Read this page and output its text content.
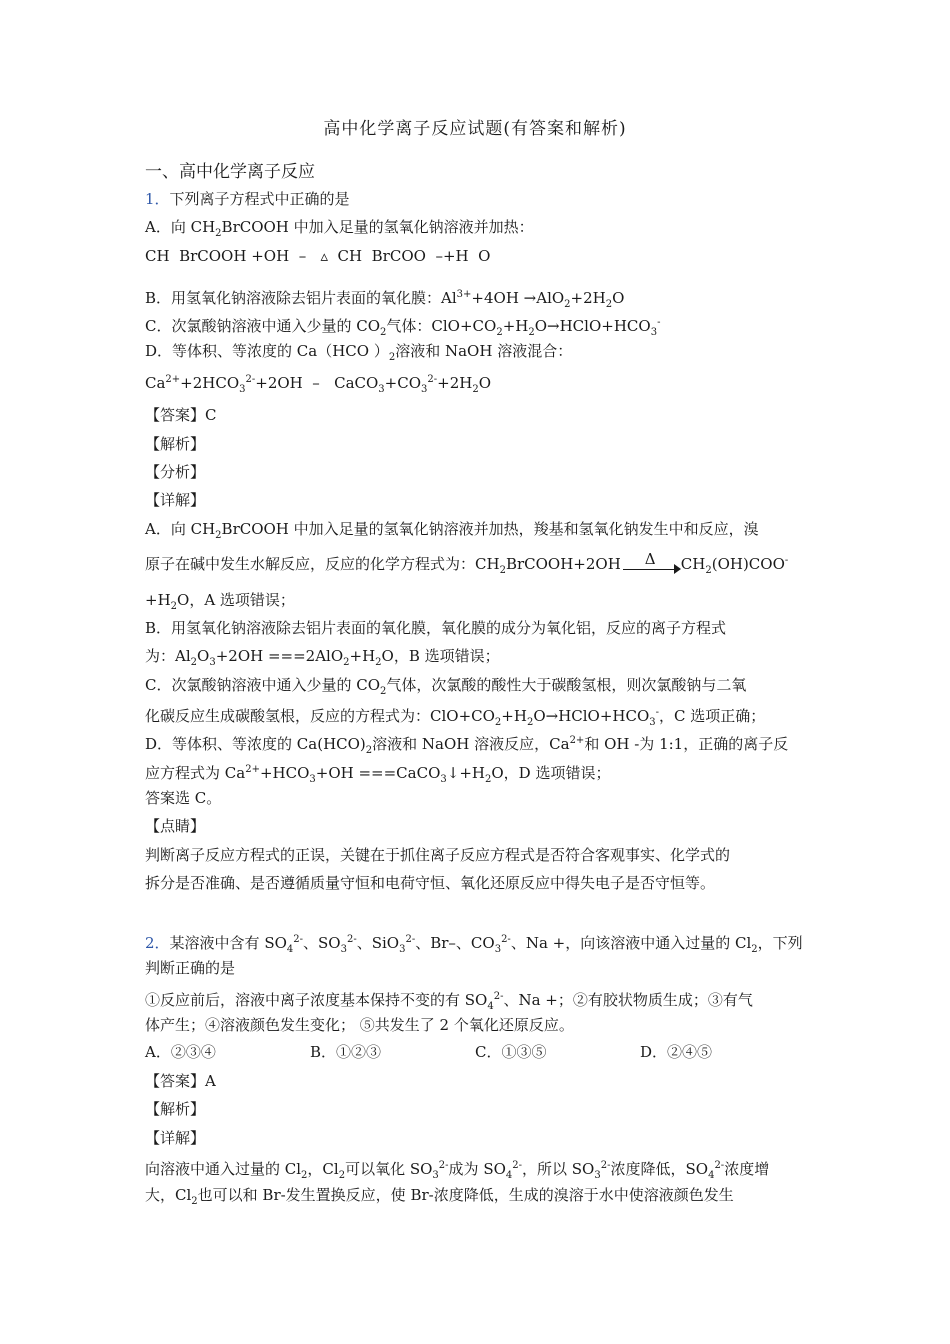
高中化学离子反应试题(有答案和解析)
一、高中化学离子反应
1．下列离子方程式中正确的是
A．向 $CH_2BrCOOH$ 中加入足量的氢氧化钠溶液并加热：
CH  BrCOOH +OH  –   ▵  CH  BrCOO  –+H  O
B．用氢氧化钠溶液除去铝片表面的氧化膜：$Al^{3+}+4OH \to AlO_2+2H_2O$
C．次氯酸钠溶液中通入少量的 $CO_2$气体：$ClO+CO_2+H_2O\to HClO+HCO_3^-$
D．等体积、等浓度的 Ca（HCO ）$_2$溶液和 NaOH 溶液混合：
$Ca^{2+}+2HCO_3^{2-}+2OH$  –   $CaCO_3+CO_3^{2-}+2H_2O$
【答案】C
【解析】
【分析】
【详解】
A．向 $CH_2BrCOOH$ 中加入足量的氢氧化钠溶液并加热，羧基和氢氧化钠发生中和反应，溴
原子在碱中发生水解反应，反应的化学方程式为：$CH_2BrCOOH+2OH$ Δ $CH_2(OH)COO^-$
$+H_2O$，A 选项错误；
B．用氢氧化钠溶液除去铝片表面的氧化膜，氧化膜的成分为氧化铝，反应的离子方程式
为：$Al_2O_3+2OH ===2AlO_2+H_2O$，B 选项错误；
C．次氯酸钠溶液中通入少量的 $CO_2$气体，次氯酸的酸性大于碳酸氢根，则次氯酸钠与二氧
化碳反应生成碳酸氢根，反应的方程式为：$ClO+CO_2+H_2O\to HClO+HCO_3^-$，C 选项正确；
D．等体积、等浓度的 $Ca(HCO)_2$溶液和 NaOH 溶液反应，$Ca^{2+}$和 OH -为 1:1，正确的离子反
应方程式为 $Ca^{2+}+HCO_3+OH$ $===CaCO_3↓+H_2O$，D 选项错误；
答案选 C。
【点睛】
判断离子反应方程式的正误，关键在于抓住离子反应方程式是否符合客观事实、化学式的
拆分是否准确、是否遵循质量守恒和电荷守恒、氧化还原反应中得失电子是否守恒等。
2．某溶液中含有 $SO_4^{2-}$、$SO_3^{2-}$、SiO$_3^{2-}$、Br–、$CO_3^{2-}$、Na +，向该溶液中通入过量的 $Cl_2$，下列
判断正确的是
①反应前后，溶液中离子浓度基本保持不变的有 $SO_4^{2-}$、Na +；②有胶状物质生成；③有气
体产生；④溶液颜色发生变化； ⑤共发生了 2 个氧化还原反应。
A．②③④	B．①②③	C．①③⑤	D．②④⑤
【答案】A
【解析】
【详解】
向溶液中通入过量的 $Cl_2$，$Cl_2$可以氧化 $SO_3^{2-}$成为 $SO_4^{2-}$，所以 $SO_3^{2-}$浓度降低，$SO_4^{2-}$浓度增
大，$Cl_2$也可以和 Br-发生置换反应，使 Br-浓度降低，生成的溴溶于水中使溶液颜色发生
